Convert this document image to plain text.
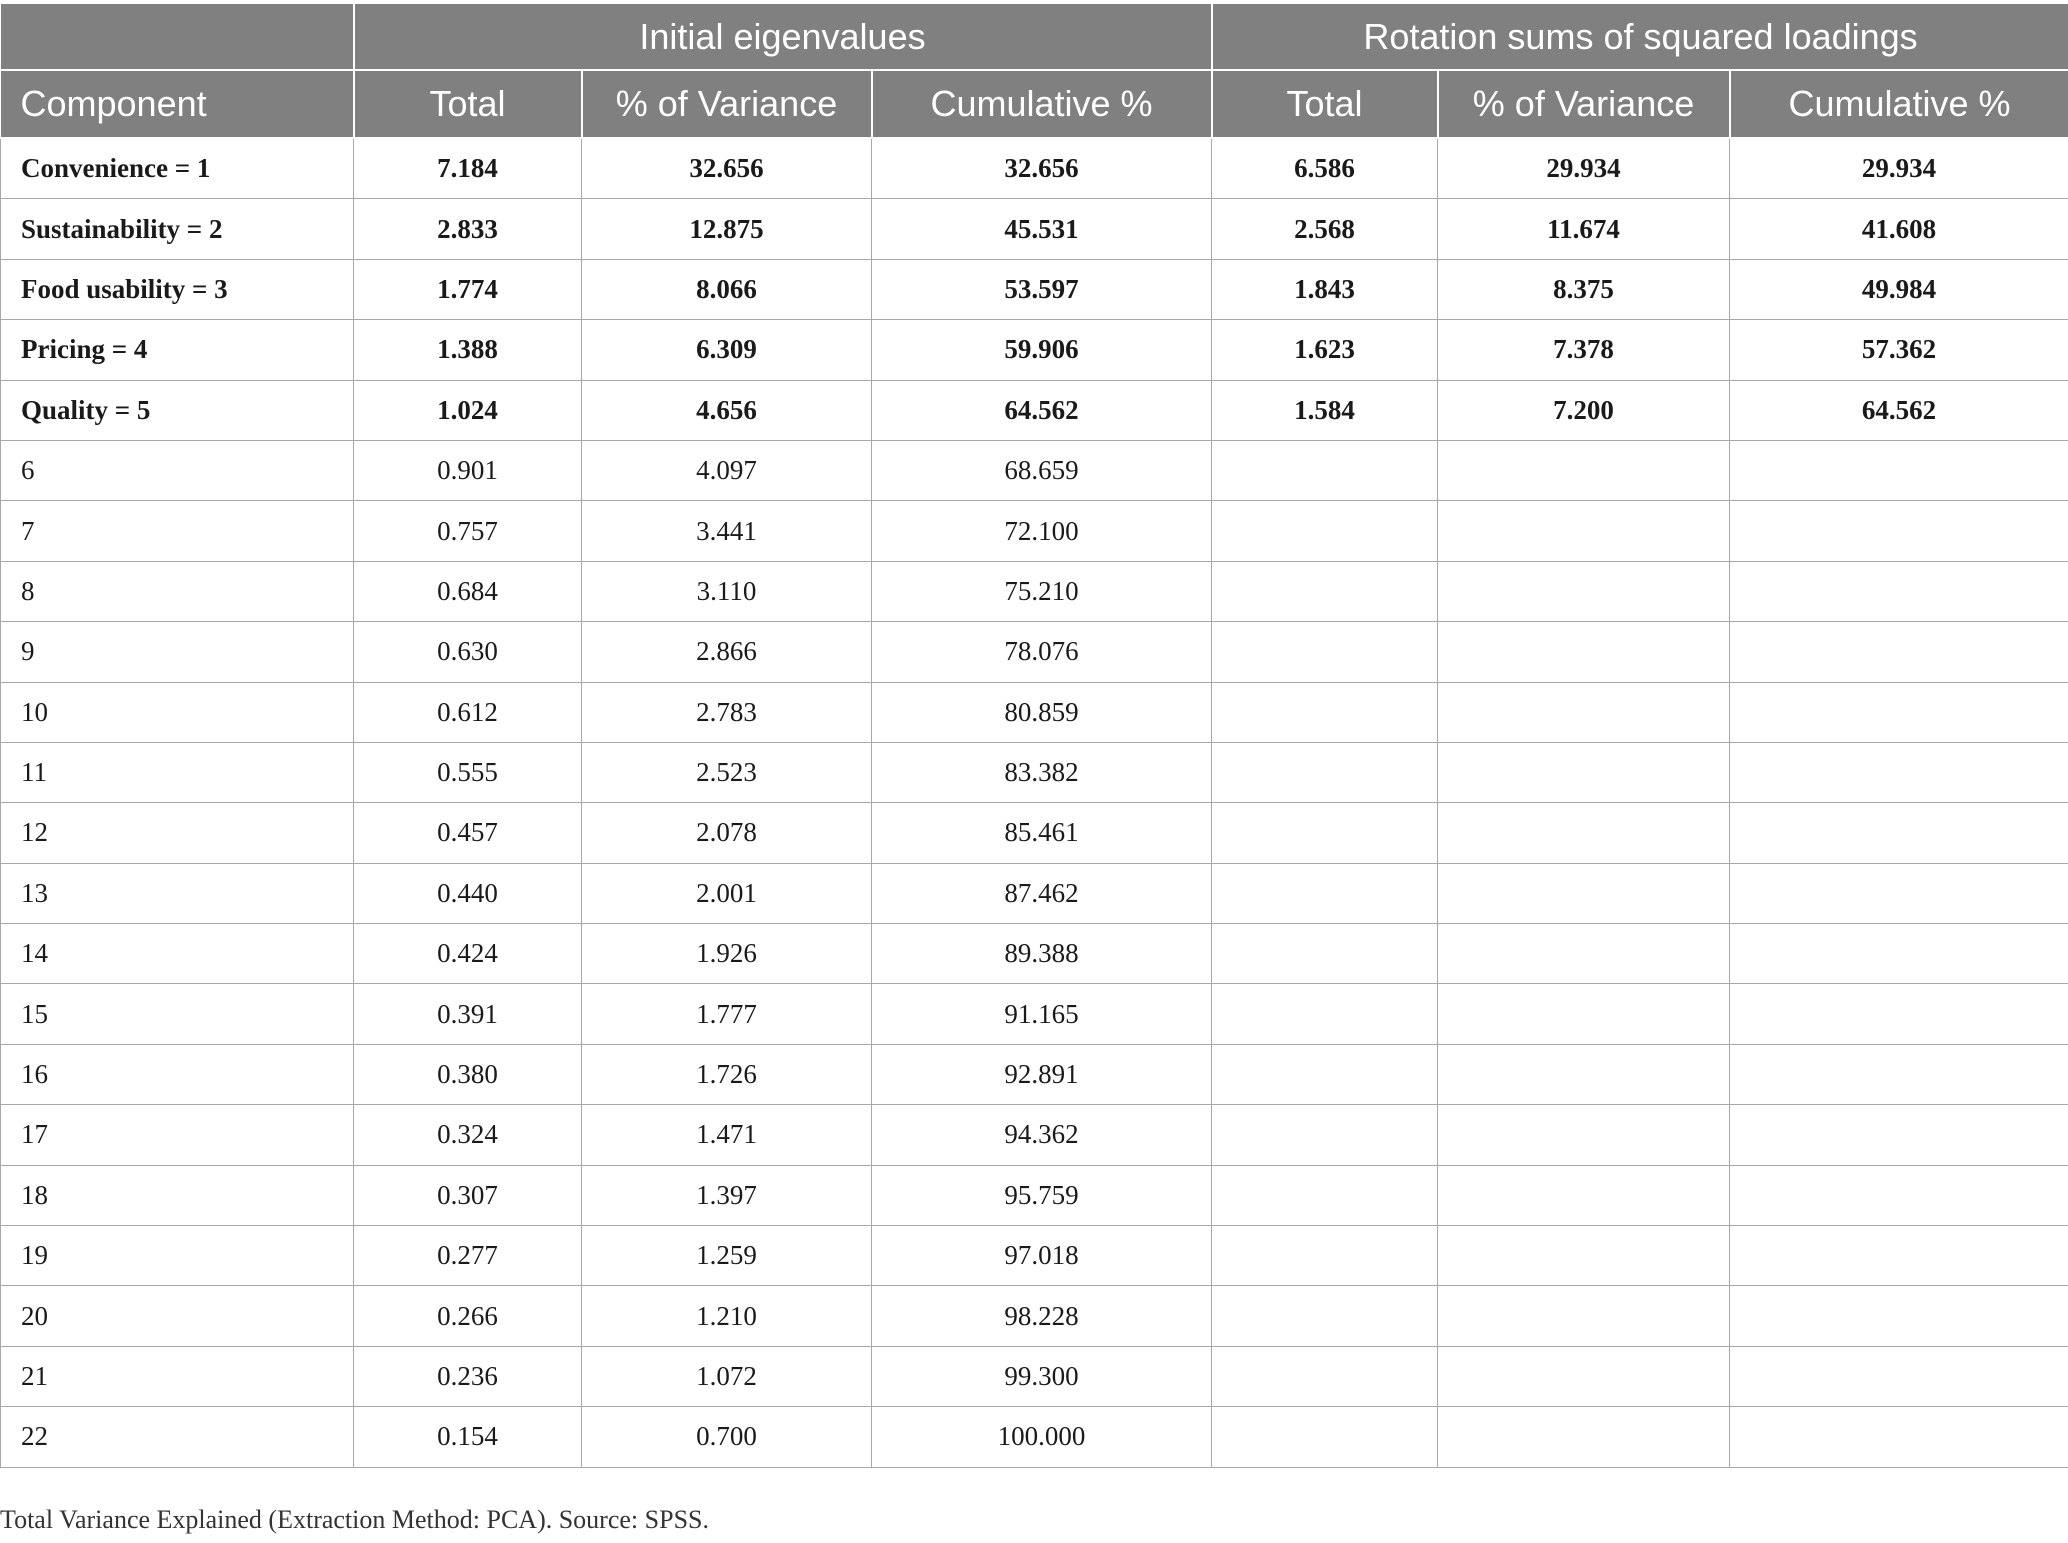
	Initial eigenvalues			Rotation sums of squared loadings		
Component	Total	% of Variance	Cumulative %	Total	% of Variance	Cumulative %
Convenience = 1	7.184	32.656	32.656	6.586	29.934	29.934
Sustainability = 2	2.833	12.875	45.531	2.568	11.674	41.608
Food usability = 3	1.774	8.066	53.597	1.843	8.375	49.984
Pricing = 4	1.388	6.309	59.906	1.623	7.378	57.362
Quality = 5	1.024	4.656	64.562	1.584	7.200	64.562
6	0.901	4.097	68.659			
7	0.757	3.441	72.100			
8	0.684	3.110	75.210			
9	0.630	2.866	78.076			
10	0.612	2.783	80.859			
11	0.555	2.523	83.382			
12	0.457	2.078	85.461			
13	0.440	2.001	87.462			
14	0.424	1.926	89.388			
15	0.391	1.777	91.165			
16	0.380	1.726	92.891			
17	0.324	1.471	94.362			
18	0.307	1.397	95.759			
19	0.277	1.259	97.018			
20	0.266	1.210	98.228			
21	0.236	1.072	99.300			
22	0.154	0.700	100.000			
Total Variance Explained (Extraction Method: PCA). Source: SPSS.
